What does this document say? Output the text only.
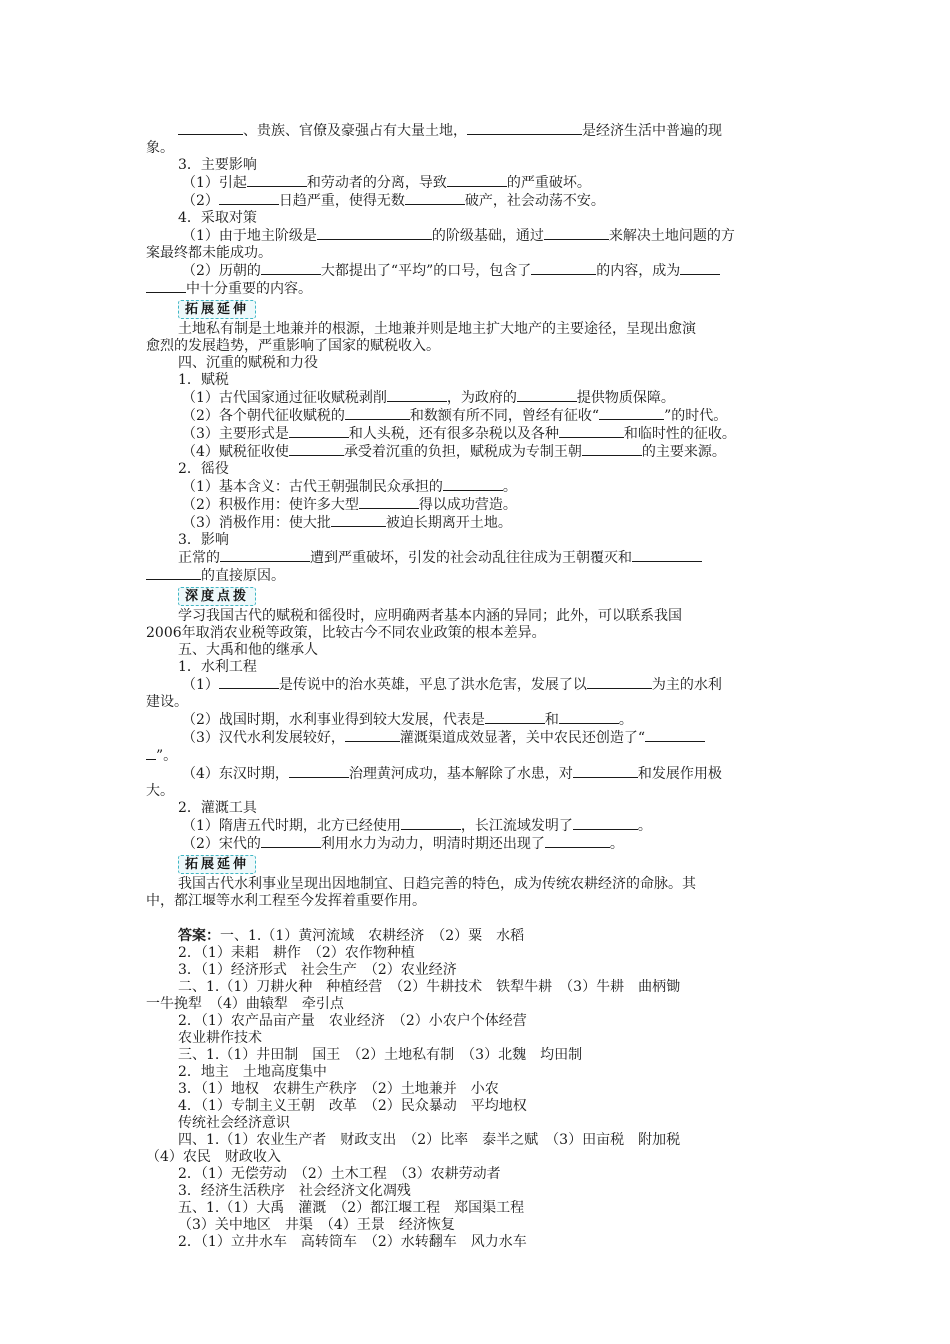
、贵族、官僚及豪强占有大量土地，	是经济生活中普遍的现

象。

3．主要影响

（1）引起	和劳动者的分离，导致	的严重破坏。

（2）	日趋严重，使得无数	破产，社会动荡不安。

4．采取对策

（1）由于地主阶级是	的阶级基础，通过	来解决土地问题的方

案最终都未能成功。

（2）历朝的	大都提出了“平均”的口号，包含了	的内容，成为

中十分重要的内容。

拓展延伸

土地私有制是土地兼并的根源，土地兼并则是地主扩大地产的主要途径，呈现出愈演

愈烈的发展趋势，严重影响了国家的赋税收入。

四、沉重的赋税和力役

1．赋税

（1）古代国家通过征收赋税剥削	，为政府的	提供物质保障。

（2）各个朝代征收赋税的	和数额有所不同，曾经有征收“	”的时代。

（3）主要形式是	和人头税，还有很多杂税以及各种	和临时性的征收。

（4）赋税征收使	承受着沉重的负担，赋税成为专制王朝	的主要来源。

2．徭役

（1）基本含义：古代王朝强制民众承担的	。

（2）积极作用：使许多大型	得以成功营造。

（3）消极作用：使大批	被迫长期离开土地。

3．影响

正常的	遭到严重破坏，引发的社会动乱往往成为王朝覆灭和

的直接原因。

深度点拨

学习我国古代的赋税和徭役时，应明确两者基本内涵的异同；此外，可以联系我国

2006年取消农业税等政策，比较古今不同农业政策的根本差异。

五、大禹和他的继承人

1．水利工程

（1）	是传说中的治水英雄，平息了洪水危害，发展了以	为主的水利

建设。

（2）战国时期，水利事业得到较大发展，代表是	和	。

（3）汉代水利发展较好，	灌溉渠道成效显著，关中农民还创造了“

”。

（4）东汉时期，	治理黄河成功，基本解除了水患，对	和发展作用极

大。

2．灌溉工具

（1）隋唐五代时期，北方已经使用	，长江流域发明了	。

（2）宋代的	利用水力为动力，明清时期还出现了	。

拓展延伸

我国古代水利事业呈现出因地制宜、日趋完善的特色，成为传统农耕经济的命脉。其

中，都江堰等水利工程至今发挥着重要作用。

答案：一、1.（1）黄河流域　农耕经济　（2）粟　水稻

2．（1）耒耜　耕作　（2）农作物种植

3．（1）经济形式　社会生产　（2）农业经济

二、1.（1）刀耕火种　种植经营　（2）牛耕技术　铁犁牛耕　（3）牛耕　曲柄锄

一牛挽犁　（4）曲辕犁　牵引点

2．（1）农产品亩产量　农业经济　（2）小农户个体经营

农业耕作技术

三、1.（1）井田制　国王　（2）土地私有制　（3）北魏　均田制

2．地主　土地高度集中

3．（1）地权　农耕生产秩序　（2）土地兼并　小农

4．（1）专制主义王朝　改革　（2）民众暴动　平均地权

传统社会经济意识

四、1.（1）农业生产者　财政支出　（2）比率　泰半之赋　（3）田亩税　附加税

（4）农民　财政收入

2．（1）无偿劳动　（2）土木工程　（3）农耕劳动者

3．经济生活秩序　社会经济文化凋残

五、1.（1）大禹　灌溉　（2）都江堰工程　郑国渠工程

（3）关中地区　井渠　（4）王景　经济恢复

2．（1）立井水车　高转筒车　（2）水转翻车　风力水车
